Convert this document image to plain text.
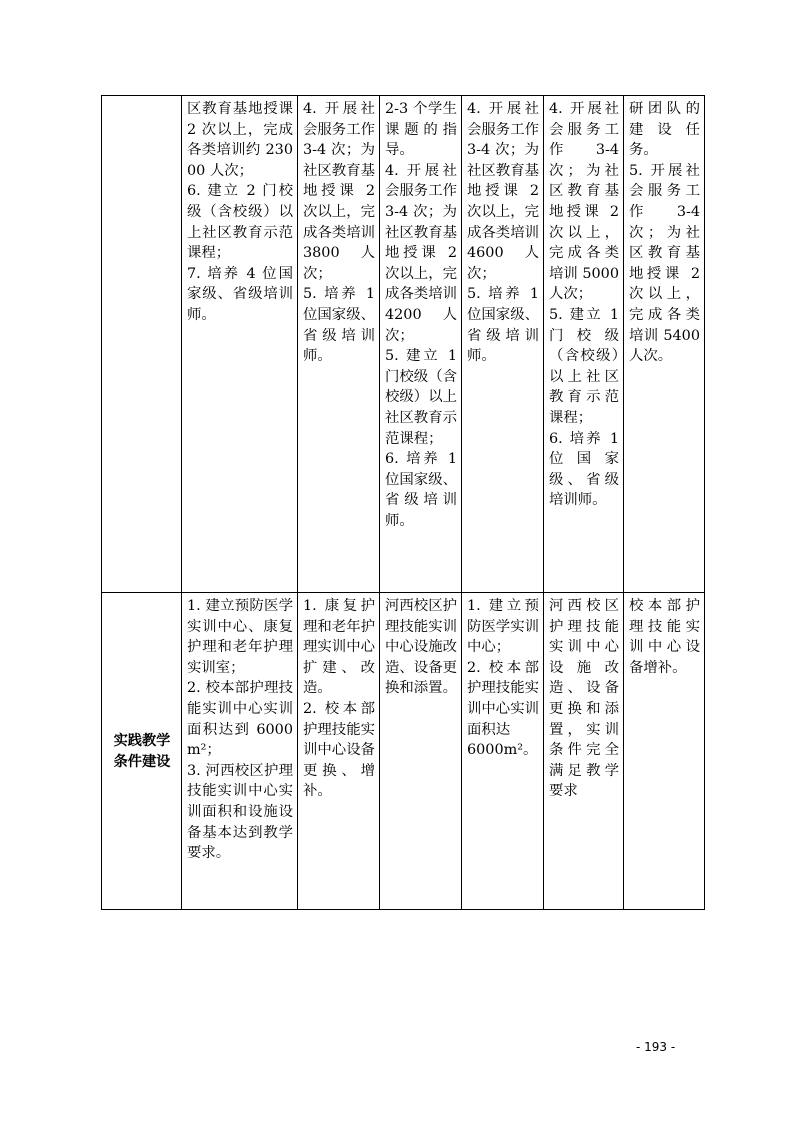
	区教育基地授课 2 次以上，完成各类培训约 23000 人次；
6. 建立 2 门校级（含校级）以上社区教育示范课程；
7. 培养 4 位国家级、省级培训师。	4. 开展社会服务工作 3-4 次；为社区教育基地授课 2 次以上，完成各类培训 3800 人次；
5. 培养 1 位国家级、省级培训师。	2-3 个学生课题的指导。
4. 开展社会服务工作 3-4 次；为社区教育基地授课 2 次以上，完成各类培训 4200 人次；
5. 建立 1 门校级（含校级）以上社区教育示范课程；
6. 培养 1 位国家级、省级培训师。	4. 开展社会服务工作 3-4 次；为社区教育基地授课 2 次以上，完成各类培训 4600 人次；
5. 培养 1 位国家级、省级培训师。	4. 开展社会服务工作 3-4 次；为社区教育基地授课 2 次以上，完成各类培训 5000 人次；
5. 建立 1 门校级（含校级）以上社区教育示范课程；
6. 培养 1 位国家级、省级培训师。	研团队的建设任务。
5. 开展社会服务工作 3-4 次；为社区教育基地授课 2 次以上，完成各类培训 5400 人次。
实践教学
条件建设	1. 建立预防医学实训中心、康复护理和老年护理实训室；
2. 校本部护理技能实训中心实训面积达到 6000m²；
3. 河西校区护理技能实训中心实训面积和设施设备基本达到教学要求。	1. 康复护理和老年护理实训中心扩建、改造。
2. 校本部护理技能实训中心设备更换、增补。	河西校区护理技能实训中心设施改造、设备更换和添置。	1. 建立预防医学实训中心；
2. 校本部护理技能实训中心实训面积达
6000m²。	河西校区护理技能实训中心设施改造、设备更换和添置，实训条件完全满足教学要求	校本部护理技能实训中心设备增补。
- 193 -
